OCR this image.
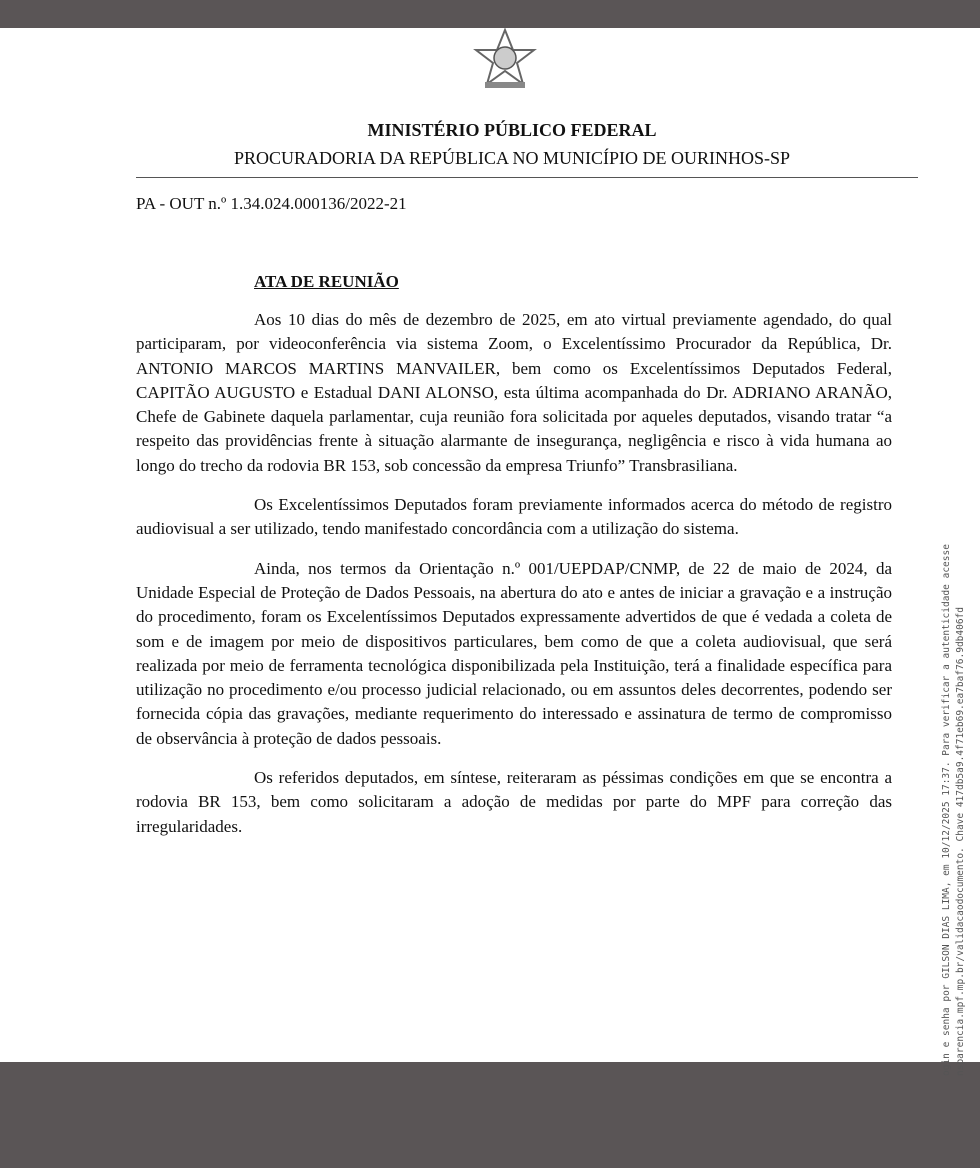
MINISTÉRIO PÚBLICO FEDERAL
PROCURADORIA DA REPÚBLICA NO MUNICÍPIO DE OURINHOS-SP
PA - OUT n.º 1.34.024.000136/2022-21
ATA DE REUNIÃO

Aos 10 dias do mês de dezembro de 2025, em ato virtual previamente agendado, do qual participaram, por videoconferência via sistema Zoom, o Excelentíssimo Procurador da República, Dr. ANTONIO MARCOS MARTINS MANVAILER, bem como os Excelentíssimos Deputados Federal, CAPITÃO AUGUSTO e Estadual DANI ALONSO, esta última acompanhada do Dr. ADRIANO ARANÃO, Chefe de Gabinete daquela parlamentar, cuja reunião fora solicitada por aqueles deputados, visando tratar “a respeito das providências frente à situação alarmante de insegurança, negligência e risco à vida humana ao longo do trecho da rodovia BR 153, sob concessão da empresa Triunfo” Transbrasiliana.

Os Excelentíssimos Deputados foram previamente informados acerca do método de registro audiovisual a ser utilizado, tendo manifestado concordância com a utilização do sistema.

Ainda, nos termos da Orientação n.º 001/UEPDAP/CNMP, de 22 de maio de 2024, da Unidade Especial de Proteção de Dados Pessoais, na abertura do ato e antes de iniciar a gravação e a instrução do procedimento, foram os Excelentíssimos Deputados expressamente advertidos de que é vedada a coleta de som e de imagem por meio de dispositivos particulares, bem como de que a coleta audiovisual, que será realizada por meio de ferramenta tecnológica disponibilizada pela Instituição, terá a finalidade específica para utilização no procedimento e/ou processo judicial relacionado, ou em assuntos deles decorrentes, podendo ser fornecida cópia das gravações, mediante requerimento do interessado e assinatura de termo de compromisso de observância à proteção de dados pessoais.

Os referidos deputados, em síntese, reiteraram as péssimas condições em que se encontra a rodovia BR 153, bem como solicitaram a adoção de medidas por parte do MPF para correção das irregularidades.	ogin e senha por GILSON DIAS LIMA, em 10/12/2025 17:37. Para verificar a autenticidade acesse nsparencia.mpf.mp.br/validacaodocumento. Chave 417db5a9.4f71eb69.ea7baf76.9db406fd
